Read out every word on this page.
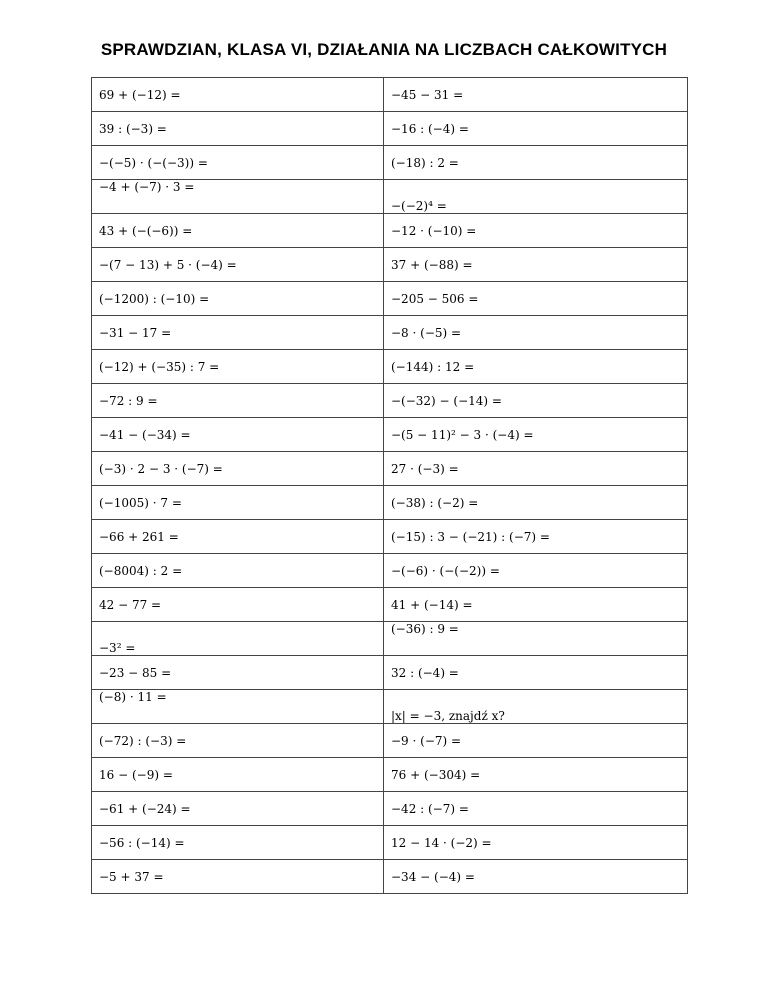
SPRAWDZIAN, KLASA VI, DZIAŁANIA NA LICZBACH CAŁKOWITYCH
69 + (−12) =	−45 − 31 =
39 : (−3) =	−16 : (−4) =
−(−5) · (−(−3)) =	(−18) : 2 =
−4 + (−7) · 3 =	−(−2)⁴ =
43 + (−(−6)) =	−12 · (−10) =
−(7 − 13) + 5 · (−4) =	37 + (−88) =
(−1200) : (−10) =	−205 − 506 =
−31 − 17 =	−8 · (−5) =
(−12) + (−35) : 7 =	(−144) : 12 =
−72 : 9 =	−(−32) − (−14) =
−41 − (−34) =	−(5 − 11)² − 3 · (−4) =
(−3) · 2 − 3 · (−7) =	27 · (−3) =
(−1005) · 7 =	(−38) : (−2) =
−66 + 261 =	(−15) : 3 − (−21) : (−7) =
(−8004) : 2 =	−(−6) · (−(−2)) =
42 − 77 =	41 + (−14) =
−3² =	(−36) : 9 =
−23 − 85 =	32 : (−4) =
(−8) · 11 =	|x| = −3, znajdź x?
(−72) : (−3) =	−9 · (−7) =
16 − (−9) =	76 + (−304) =
−61 + (−24) =	−42 : (−7) =
−56 : (−14) =	12 − 14 · (−2) =
−5 + 37 =	−34 − (−4) =
